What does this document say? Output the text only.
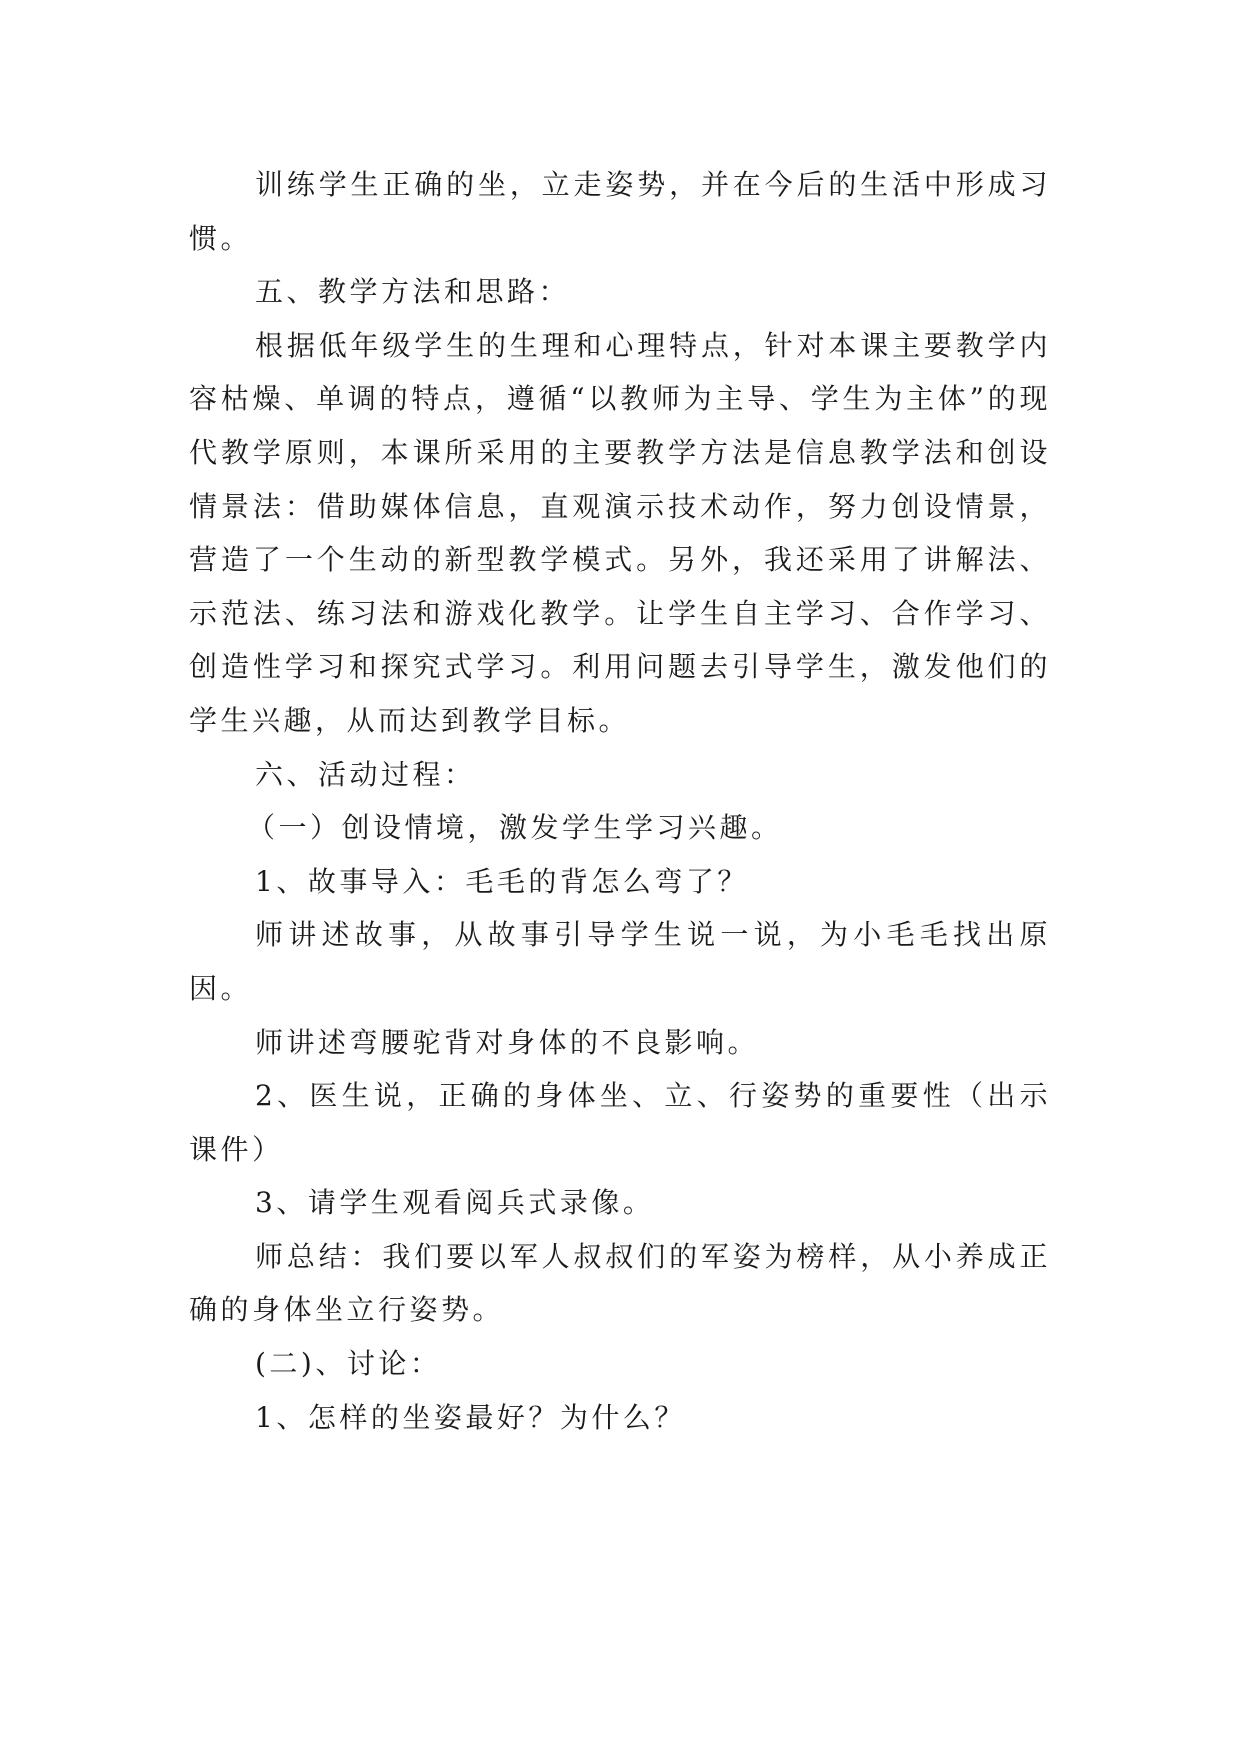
训练学生正确的坐，立走姿势，并在今后的生活中形成习惯。

五、教学方法和思路：

根据低年级学生的生理和心理特点，针对本课主要教学内容枯燥、单调的特点，遵循“以教师为主导、学生为主体”的现代教学原则，本课所采用的主要教学方法是信息教学法和创设情景法：借助媒体信息，直观演示技术动作，努力创设情景，营造了一个生动的新型教学模式。另外，我还采用了讲解法、示范法、练习法和游戏化教学。让学生自主学习、合作学习、创造性学习和探究式学习。利用问题去引导学生，激发他们的学生兴趣，从而达到教学目标。

六、活动过程：

（一）创设情境，激发学生学习兴趣。

1、故事导入：毛毛的背怎么弯了？

师讲述故事，从故事引导学生说一说，为小毛毛找出原因。

师讲述弯腰驼背对身体的不良影响。

2、医生说，正确的身体坐、立、行姿势的重要性（出示课件）

3、请学生观看阅兵式录像。

师总结：我们要以军人叔叔们的军姿为榜样，从小养成正确的身体坐立行姿势。

(二)、讨论：

1、怎样的坐姿最好？为什么？
